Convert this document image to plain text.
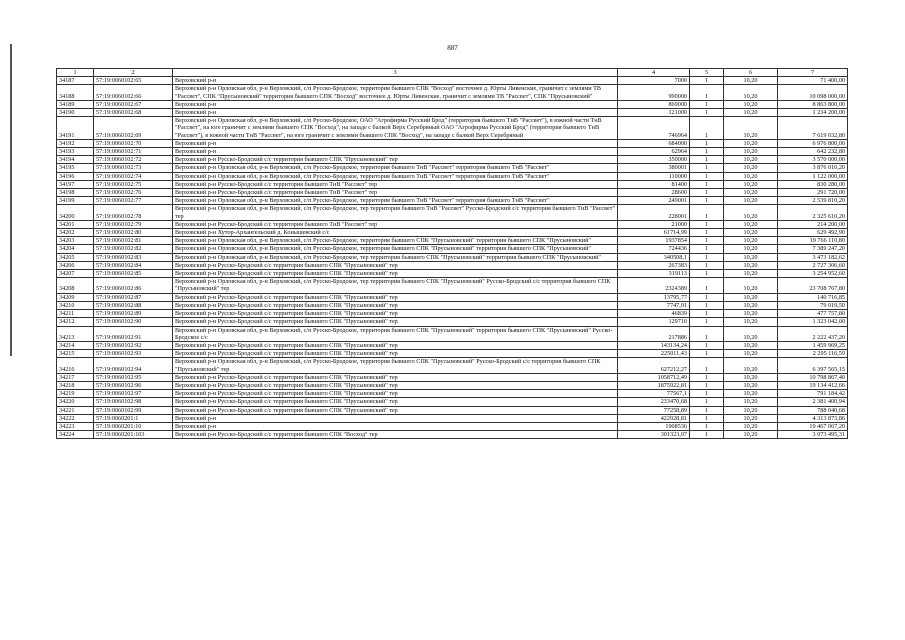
887
1	2	3	4	5	6	7
34187	57:19:0060102:65	Верховский р-н	7000	1	10,20	71 400,00
34188	57:19:0060102:66	Верховский р-н Орловская обл, р-н Верховский, с/п Русско-Бродское, территория бывшего СПК "Восход" восточнее д. Юрты Ливенские, граничит с землями ТВ "Рассвет", СПК "Прусыновский" территория бывшего СПК "Восход" восточнее д. Юрты Ливенские, граничит с землями ТВ "Рассвет", СПК "Прусыновский"	990000	1	10,20	10 098 000,00
34189	57:19:0060102:67	Верховский р-н	869000	1	10,20	8 863 800,00
34190	57:19:0060102:68	Верховский р-н	121000	1	10,20	1 234 200,00
34191	57:19:0060102:69	Верховский р-н Орловская обл, р-н Верховский, с/п Русско-Бродское, ОАО "Агрофирма Русский Брод" (территория бывшего ТнВ "Рассвет"), в южной части ТнВ "Рассвет", на юге граничит с землями бывшего СПК "Восход", на западе с балкой Верх Серебряный ОАО "Агрофирма Русский Брод" (территория бывшего ТнВ "Рассвет"), в южной части ТнВ "Рассвет", на юге граничит с землями бывшего СПК "Восход", на западе с балкой Верх Серебряный	746964	1	10,20	7 619 032,80
34192	57:19:0060102:70	Верховский р-н	684000	1	10,20	6 976 800,00
34193	57:19:0060102:71	Верховский р-н	62964	1	10,20	642 232,80
34194	57:19:0060102:72	Верховский р-н Русско-Бродский с/с территория бывшего СПК "Прусыновский" тер	350000	1	10,20	3 570 000,00
34195	57:19:0060102:73	Верховский р-н Орловская обл, р-н Верховский, с/п Русско-Бродское, территория бывшего ТнВ "Рассвет" территория бывшего ТнВ "Рассвет"	380001	1	10,20	3 876 010,20
34196	57:19:0060102:74	Верховский р-н Орловская обл, р-н Верховский, с/п Русско-Бродское, территория бывшего ТнВ "Рассвет" территория бывшего ТнВ "Рассвет"	110000	1	10,20	1 122 000,00
34197	57:19:0060102:75	Верховский р-н Русско-Бродский с/с территория бывшего ТнВ "Рассвет" тер	81400	1	10,20	830 280,00
34198	57:19:0060102:76	Верховский р-н Русско-Бродский с/с территория бывшего ТнВ "Рассвет" тер	28600	1	10,20	291 720,00
34199	57:19:0060102:77	Верховский р-н Орловская обл, р-н Верховский, с/п Русско-Бродское, территория бывшего ТнВ "Рассвет" территория бывшего ТнВ "Рассвет"	249001	1	10,20	2 539 810,20
34200	57:19:0060102:78	Верховский р-н Орловская обл, р-н Верховский, с/п Русско-Бродское, тер территория бывшего ТнВ "Рассвет" Русско-Бродский с/с территория бывшего ТнВ "Рассвет" тер	228001	1	10,20	2 325 610,20
34201	57:19:0060102:79	Верховский р-н Русско-Бродский с/с территория бывшего ТнВ "Рассвет" тер	21000	1	10,20	214 200,00
34202	57:19:0060102:80	Верховский р-н Хутор-Архангельский д. Конышевский с/с	61714,99	1	10,20	629 492,90
34203	57:19:0060102:81	Верховский р-н Орловская обл, р-н Верховский, с/п Русско-Бродское, территория бывшего СПК "Прусыновский" территория бывшего СПК "Прусыновский"	1937854	1	10,20	19 766 110,80
34204	57:19:0060102:82	Верховский р-н Орловская обл, р-н Верховский, с/п Русско-Бродское, территория бывшего СПК "Прусыновский" территория бывшего СПК "Прусыновский"	724436	1	10,20	7 389 247,20
34205	57:19:0060102:83	Верховский р-н Орловская обл, р-н Верховский, с/п Русско-Бродское, тер территория бывшего СПК "Прусыновский" территория бывшего СПК "Прусыновский"	340508,1	1	10,20	3 473 182,62
34206	57:19:0060102:84	Верховский р-н Русско-Бродский с/с территория бывшего СПК "Прусыновский" тер	267383	1	10,20	2 727 306,60
34207	57:19:0060102:85	Верховский р-н Русско-Бродский с/с территория бывшего СПК "Прусыновский" тер	319113	1	10,20	3 254 952,60
34208	57:19:0060102:86	Верховский р-н Орловская обл, р-н Верховский, с/п Русско-Бродское, тер территория бывшего СПК "Прусыновский" Русско-Бродский с/с территория бывшего СПК "Прусыновский" тер	2324389	1	10,20	23 708 767,80
34209	57:19:0060102:87	Верховский р-н Русско-Бродский с/с территория бывшего СПК "Прусыновский" тер	13795,77	1	10,20	140 716,85
34210	57:19:0060102:88	Верховский р-н Русско-Бродский с/с территория бывшего СПК "Прусыновский" тер	7747,01	1	10,20	79 019,50
34211	57:19:0060102:89	Верховский р-н Русско-Бродский с/с территория бывшего СПК "Прусыновский" тер	46839	1	10,20	477 757,80
34212	57:19:0060102:90	Верховский р-н Русско-Бродский с/с территория бывшего СПК "Прусыновский" тер	129710	1	10,20	1 323 042,00
34213	57:19:0060102:91	Верховский р-н Орловская обл, р-н Верховский, с/п Русско-Бродское, территория бывшего СПК "Прусыновский" территория бывшего СПК "Прусыновский" Русско-Бродское с/с	217886	1	10,20	2 222 437,20
34214	57:19:0060102:92	Верховский р-н Русско-Бродский с/с территория бывшего СПК "Прусыновский" тер	143134,24	1	10,20	1 459 969,25
34215	57:19:0060102:93	Верховский р-н Русско-Бродский с/с территория бывшего СПК "Прусыновский" тер	225011,43	1	10,20	2 295 116,59
34216	57:19:0060102:94	Верховский р-н Орловская обл, р-н Верховский, с/п Русско-Бродское, территория бывшего СПК "Прусыновский" Русско-Бродский с/с территория бывшего СПК "Прусыновский" тер	627212,27	1	10,20	6 397 565,15
34217	57:19:0060102:95	Верховский р-н Русско-Бродский с/с территория бывшего СПК "Прусыновский" тер	1058712,49	1	10,20	10 798 867,40
34218	57:19:0060102:96	Верховский р-н Русско-Бродский с/с территория бывшего СПК "Прусыновский" тер	1875922,81	1	10,20	19 134 412,66
34219	57:19:0060102:97	Верховский р-н Русско-Бродский с/с территория бывшего СПК "Прусыновский" тер	77567,1	1	10,20	791 184,42
34220	57:19:0060102:98	Верховский р-н Русско-Бродский с/с территория бывшего СПК "Прусыновский" тер	233470,68	1	10,20	2 381 400,94
34221	57:19:0060102:99	Верховский р-н Русско-Бродский с/с территория бывшего СПК "Прусыновский" тер	77258,89	1	10,20	788 040,68
34222	57:19:0060201:1	Верховский р-н	422928,81	1	10,20	4 313 873,86
34223	57:19:0060201:10	Верховский р-н	1908536	1	10,20	19 467 067,20
34224	57:19:0060201:103	Верховский р-н Русско-Бродский с/с территория бывшего СПК "Восход" тер	301323,07	1	10,20	3 073 495,31
